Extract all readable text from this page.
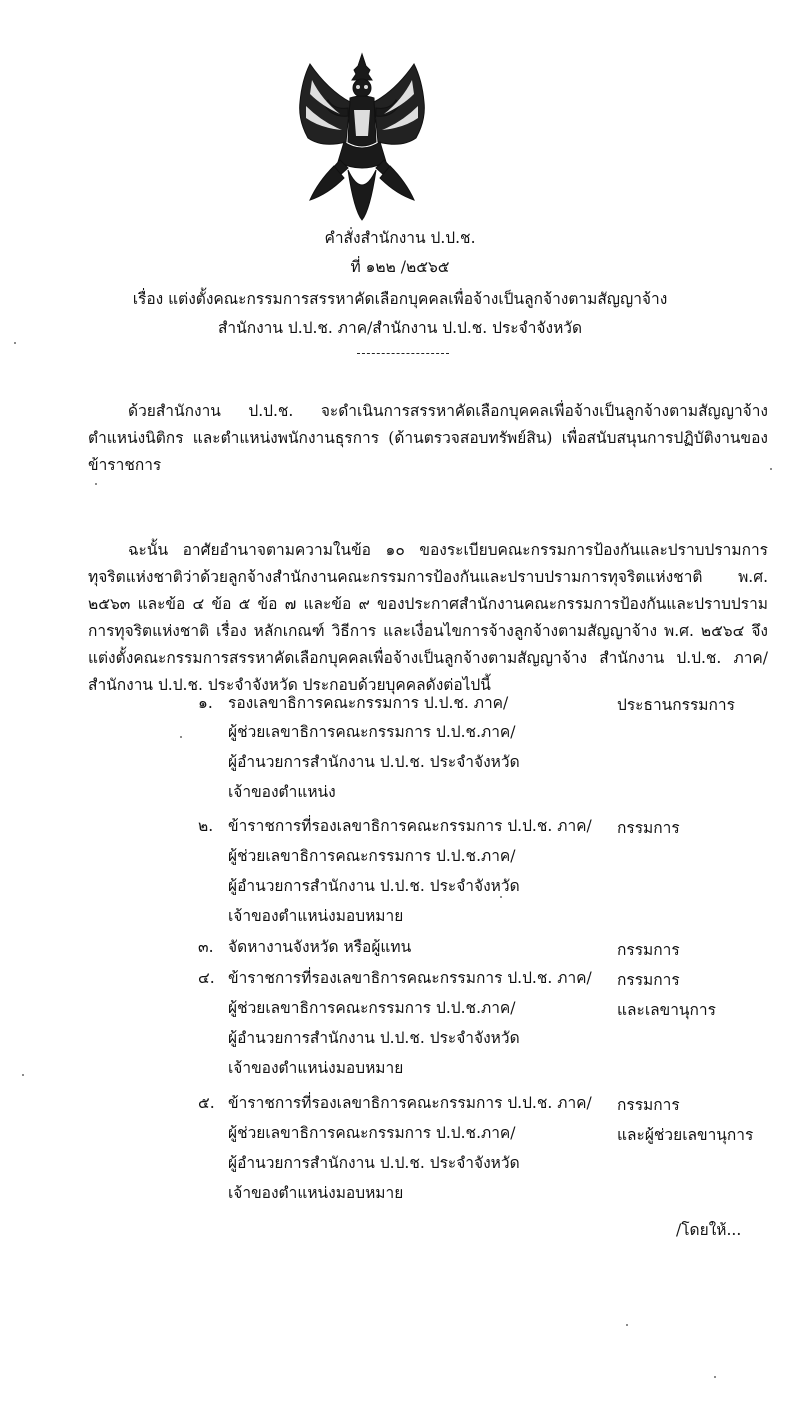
คำสั่งสำนักงาน ป.ป.ช.
ที่ ๑๒๒ /๒๕๖๕
เรื่อง แต่งตั้งคณะกรรมการสรรหาคัดเลือกบุคคลเพื่อจ้างเป็นลูกจ้างตามสัญญาจ้าง
สำนักงาน ป.ป.ช. ภาค/สำนักงาน ป.ป.ช. ประจำจังหวัด
ด้วยสำนักงาน ป.ป.ช. จะดำเนินการสรรหาคัดเลือกบุคคลเพื่อจ้างเป็นลูกจ้างตามสัญญาจ้าง ตำแหน่งนิติกร และตำแหน่งพนักงานธุรการ (ด้านตรวจสอบทรัพย์สิน) เพื่อสนับสนุนการปฏิบัติงานของข้าราชการ
ฉะนั้น อาศัยอำนาจตามความในข้อ ๑๐ ของระเบียบคณะกรรมการป้องกันและปราบปรามการทุจริตแห่งชาติว่าด้วยลูกจ้างสำนักงานคณะกรรมการป้องกันและปราบปรามการทุจริตแห่งชาติ พ.ศ. ๒๕๖๓ และข้อ ๔ ข้อ ๕ ข้อ ๗ และข้อ ๙ ของประกาศสำนักงานคณะกรรมการป้องกันและปราบปรามการทุจริตแห่งชาติ เรื่อง หลักเกณฑ์ วิธีการ และเงื่อนไขการจ้างลูกจ้างตามสัญญาจ้าง พ.ศ. ๒๕๖๔ จึงแต่งตั้งคณะกรรมการสรรหาคัดเลือกบุคคลเพื่อจ้างเป็นลูกจ้างตามสัญญาจ้าง สำนักงาน ป.ป.ช. ภาค/สำนักงาน ป.ป.ช. ประจำจังหวัด ประกอบด้วยบุคคลดังต่อไปนี้
๑. รองเลขาธิการคณะกรรมการ ป.ป.ช. ภาค/
ผู้ช่วยเลขาธิการคณะกรรมการ ป.ป.ช.ภาค/
ผู้อำนวยการสำนักงาน ป.ป.ช. ประจำจังหวัด
เจ้าของตำแหน่ง
ประธานกรรมการ
๒. ข้าราชการที่รองเลขาธิการคณะกรรมการ ป.ป.ช. ภาค/
ผู้ช่วยเลขาธิการคณะกรรมการ ป.ป.ช.ภาค/
ผู้อำนวยการสำนักงาน ป.ป.ช. ประจำจังหวัด
เจ้าของตำแหน่งมอบหมาย
กรรมการ
๓. จัดหางานจังหวัด หรือผู้แทน	กรรมการ
๔. ข้าราชการที่รองเลขาธิการคณะกรรมการ ป.ป.ช. ภาค/
ผู้ช่วยเลขาธิการคณะกรรมการ ป.ป.ช.ภาค/
ผู้อำนวยการสำนักงาน ป.ป.ช. ประจำจังหวัด
เจ้าของตำแหน่งมอบหมาย
กรรมการ
และเลขานุการ
๕. ข้าราชการที่รองเลขาธิการคณะกรรมการ ป.ป.ช. ภาค/
ผู้ช่วยเลขาธิการคณะกรรมการ ป.ป.ช.ภาค/
ผู้อำนวยการสำนักงาน ป.ป.ช. ประจำจังหวัด
เจ้าของตำแหน่งมอบหมาย
กรรมการ
และผู้ช่วยเลขานุการ
/โดยให้...
